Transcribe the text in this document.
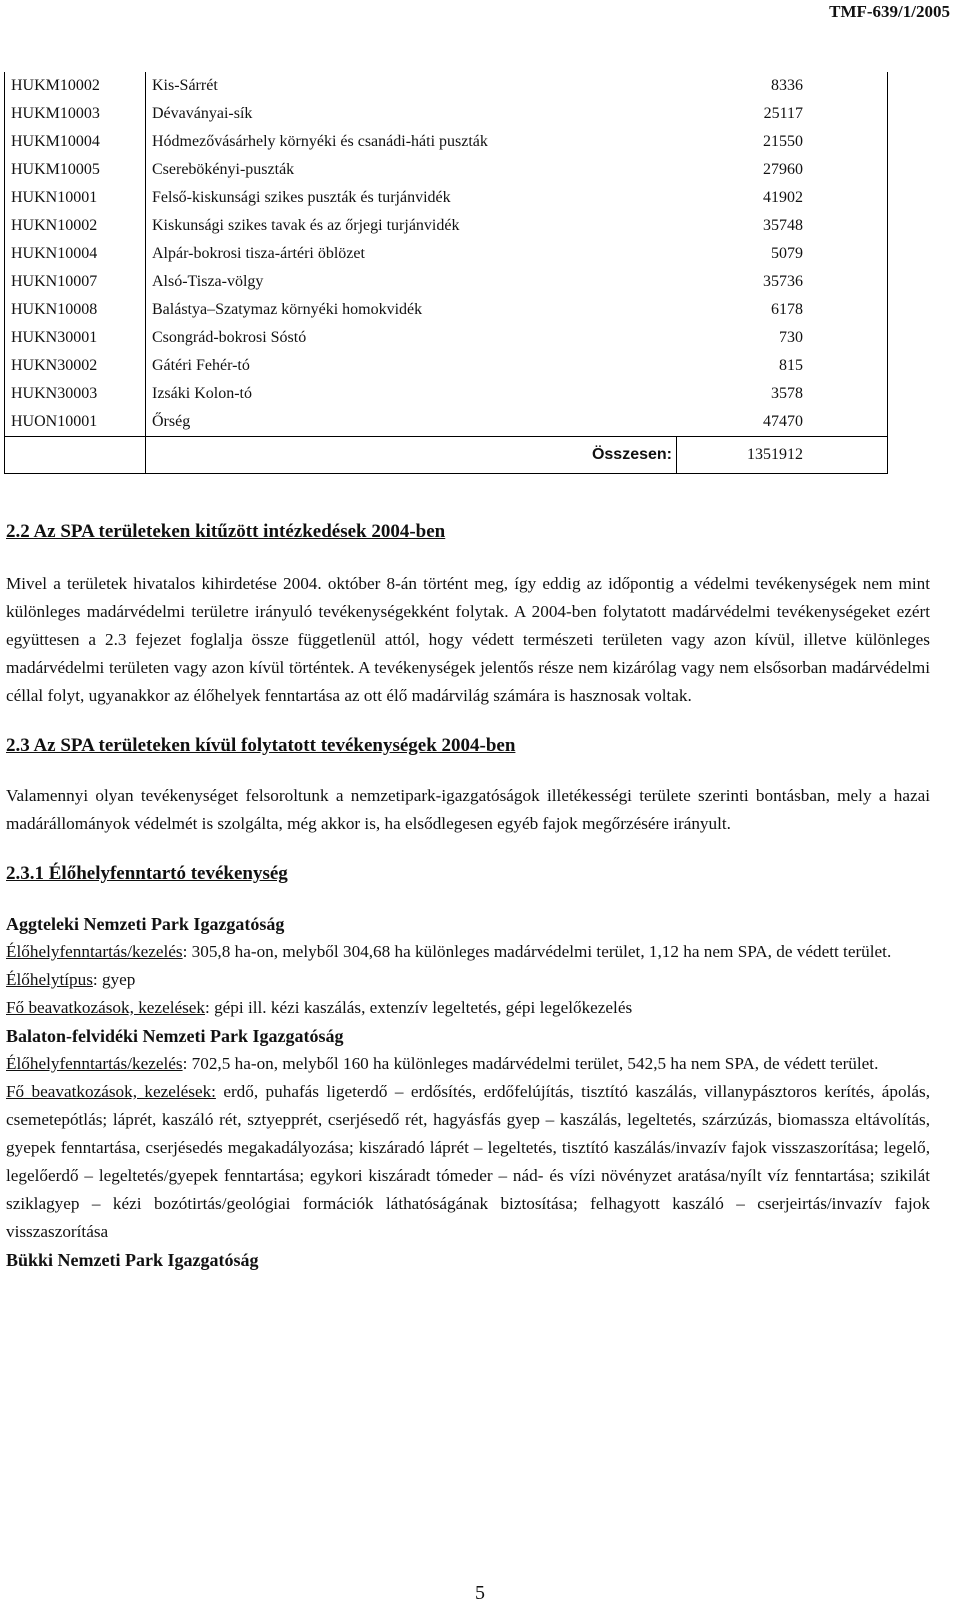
TMF-639/1/2005
HUKM10002	Kis-Sárrét	8336
HUKM10003	Dévaványai-sík	25117
HUKM10004	Hódmezővásárhely környéki és csanádi-háti puszták	21550
HUKM10005	Cserebökényi-puszták	27960
HUKN10001	Felső-kiskunsági szikes puszták és turjánvidék	41902
HUKN10002	Kiskunsági szikes tavak és az őrjegi turjánvidék	35748
HUKN10004	Alpár-bokrosi tisza-ártéri öblözet	5079
HUKN10007	Alsó-Tisza-völgy	35736
HUKN10008	Balástya–Szatymaz környéki homokvidék	6178
HUKN30001	Csongrád-bokrosi Sóstó	730
HUKN30002	Gátéri Fehér-tó	815
HUKN30003	Izsáki Kolon-tó	3578
HUON10001	Őrség	47470
	Összesen:	1351912

2.2 Az SPA területeken kitűzött intézkedések 2004-ben

Mivel a területek hivatalos kihirdetése 2004. október 8-án történt meg, így eddig az időpontig a védelmi tevékenységek nem mint különleges madárvédelmi területre irányuló tevékenységekként folytak. A 2004-ben folytatott madárvédelmi tevékenységeket ezért együttesen a 2.3 fejezet foglalja össze függetlenül attól, hogy védett természeti területen vagy azon kívül, illetve különleges madárvédelmi területen vagy azon kívül történtek. A tevékenységek jelentős része nem kizárólag vagy nem elsősorban madárvédelmi céllal folyt, ugyanakkor az élőhelyek fenntartása az ott élő madárvilág számára is hasznosak voltak.

2.3 Az SPA területeken kívül folytatott tevékenységek 2004-ben

Valamennyi olyan tevékenységet felsoroltunk a nemzetipark-igazgatóságok illetékességi területe szerinti bontásban, mely a hazai madárállományok védelmét is szolgálta, még akkor is, ha elsődlegesen egyéb fajok megőrzésére irányult.

2.3.1 Élőhelyfenntartó tevékenység

Aggteleki Nemzeti Park Igazgatóság

Élőhelyfenntartás/kezelés: 305,8 ha-on, melyből 304,68 ha különleges madárvédelmi terület, 1,12 ha nem SPA, de védett terület.

Élőhelytípus: gyep

Fő beavatkozások, kezelések: gépi ill. kézi kaszálás, extenzív legeltetés, gépi legelőkezelés

Balaton-felvidéki Nemzeti Park Igazgatóság

Élőhelyfenntartás/kezelés: 702,5 ha-on, melyből 160 ha különleges madárvédelmi terület, 542,5 ha nem SPA, de védett terület.

Fő beavatkozások, kezelések: erdő, puhafás ligeterdő – erdősítés, erdőfelújítás, tisztító kaszálás, villanypásztoros kerítés, ápolás, csemetepótlás; láprét, kaszáló rét, sztyepprét, cserjésedő rét, hagyásfás gyep – kaszálás, legeltetés, szárzúzás, biomassza eltávolítás, gyepek fenntartása, cserjésedés megakadályozása; kiszáradó láprét – legeltetés, tisztító kaszálás/invazív fajok visszaszorítása; legelő, legelőerdő – legeltetés/gyepek fenntartása; egykori kiszáradt tómeder – nád- és vízi növényzet aratása/nyílt víz fenntartása; szikilát sziklagyep – kézi bozótirtás/geológiai formációk láthatóságának biztosítása; felhagyott kaszáló – cserjeirtás/invazív fajok visszaszorítása

Bükki Nemzeti Park Igazgatóság

5
